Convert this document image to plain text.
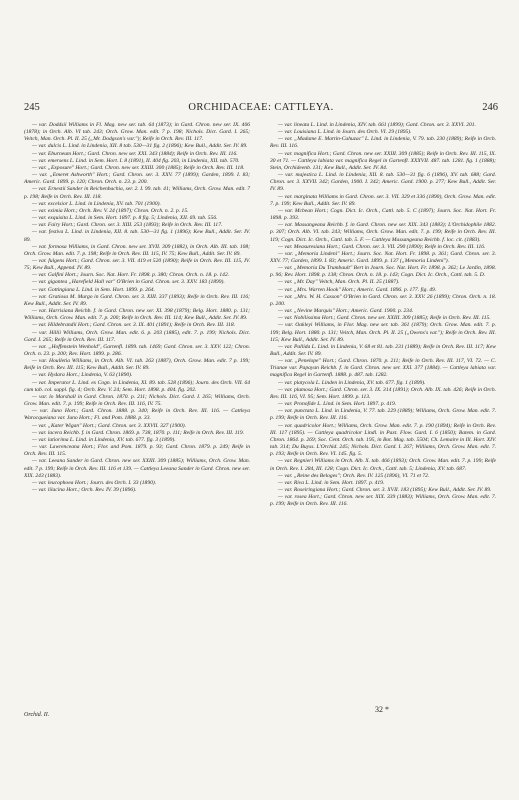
245	ORCHIDACEAE: CATTLEYA.	246

— var. Doddsii Williams in Fl. Mag. new ser. tab. 64 (1873); in Gard. Chron. new ser. IX. 406 (1878); in Orch. Alb. VI tab. 243; Orch. Grow. Man. edit. 7 p. 198; Nichols. Dict. Gard. I. 265; Veitch, Man. Orch. Pl. II. 25 („Mr. Dodgson's var."); Reife in Orch. Rev. III. 117.

— var. dulcis L. Lind. in Lindenia, XII. 8 tab. 530—31 fig. 2 (1896); Kew Bull., Addit. Ser. IV. 89.

— var. Eburneum Hort.; Gard. Chron. new ser. XXI. 343 (1884); Reife in Orch. Rev. III. 116.

— var. emersens L. Lind. in Sem. Hort. I. 8 (1891), II. 404 fig. 203, in Lindenia, XII. tab. 570.

— var. „Exposure" Hort.; Gard. Chron. new ser. XXIII. 300 (1885); Reife in Orch. Rev. III. 118.

— var. „Emeret Ashworth" Hort.; Gard. Chron. ser. 3. XXV. 77 (1899); Garden, 1899. I. 83; Americ. Gard. 1899. p. 120; Chron. Orch. n. 23. p. 200.

— var. Ernestii Sander in Reichenbachia, ser. 2. I. 99. tab. 41; Williams, Orch. Grow. Man. edit. 7 p. 198; Reife in Orch. Rev. III. 118.

— var. excelsior L. Lind. in Lindenia, XV. tab. 701 (1900).

— var. eximia Hort.; Orch. Rev. V. 24 (1897); Chron. Orch. n. 2. p. 15.

— var. exquisita L. Lind. in Sem. Hort. 1897. p. 8 fig. 5; Lindenia, XII. 69. tab. 556.

— var. Fairy Hort.; Gard. Chron. ser. 3. XIII. 253 (1893); Reife in Orch. Rev. III. 117.

— var. festiva L. Lind. in Lindenia, XII. 8. tab. 530—31 fig. 1 (1896); Kew Bull., Addit. Ser. IV. 89.

— var. formosa Williams, in Gard. Chron. new ser. XVII. 309 (1882), in Orch. Alb. III. tab. 108; Orch. Grow. Man. edit. 7. p. 198; Reife in Orch. Rev. III. 115, IV. 75; Kew Bull., Addit. Ser. IV. 89.

— var. fulgens Hort.; Gard. Chron. ser. 3. VII. 419 et 520 (1890); Reife in Orch. Rev. III. 115, IV. 75; Kew Bull., Append. IV. 89.

— var. Galfini Hort.; Journ. Soc. Nat. Hort. Fr. 1898. p. 380; Chron. Orch. n. 18. p. 142.

— var. gigantea „Harefield Hall var" O'Brien in Gard. Chron. ser. 3. XXV. 183 (1899).

— var. Gottingiana L. Lind. in Sem. Hort. 1899. p. 264.

— var. Gratiosa M. Murgo in Gard. Chron. ser. 3. XIII. 337 (1893); Reife in Orch. Rev. III. 116; Kew Bull., Addit. Ser. IV. 89.

— var. Harrisiana Reichb. f. in Gard. Chron. new ser. XI. 398 (1879); Belg. Hort. 1880. p. 131; Williams, Orch. Grow. Man. edit. 7. p. 200; Reife in Orch. Rev. III. 114; Kew Bull., Addit. Ser. IV. 89.

— var. Hildebrandii Hort.; Gard. Chron. ser. 3. IX. 401 (1891); Reife in Orch. Rev. III. 118.

— var. Hillii Williams, Orch. Grow. Man. edit. 6. p. 203 (1885), edit. 7. p. 199; Nichols. Dict. Gard. I. 265; Reife in Orch. Rev. III. 117.

— var. „Hoffenstein Wenhold", Gartenfl. 1899. tab. 1469; Gard. Chron. ser. 3. XXV. 122; Chron. Orch. n. 23. p. 200; Rev. Hort. 1899. p. 286.

— var. Houlletia Williams, in Orch. Alb. VI. tab. 263 (1887), Orch. Grow. Man. edit. 7 p. 199; Reife in Orch. Rev. III. 115; Kew Bull., Addit. Ser. IV. 89.

— var. Hydara Hort.; Lindenia, V. 63 (1890).

— var. Imperator L. Lind. ex Cogn. in Lindenia, XI. 89. tab. 528 (1896); Journ. des Orch. VII. 64 cum tab. col. suppl. fig. 4; Orch. Rev. V. 24; Sem. Hort. 1898. p. 404. fig. 202.

— var. lo Marshall in Gard. Chron. 1870. p. 211; Nichols. Dict. Gard. I. 265; Williams, Orch. Grow. Man. edit. 7. p. 199; Reife in Orch. Rev. III. 116, IV. 75.

— var. Juno Hort.; Gard. Chron. 1888. p. 340; Reife in Orch. Rev. III. 116. — Cattleya Warocqueiana var. Juno Hort.; Fl. and Pom. 1888. p. 33.

— var. „Kater Wigan" Hort.; Gard. Chron. ser. 3. XXVII. 327 (1900).

— var. lacera Reichb. f. in Gard. Chron. 1869. p. 738, 1870. p. 111; Reife in Orch. Rev. III. 119.

— var. latiorima L. Lind. in Lindenia, XV. tab. 677. fig. 3 (1899).

— var. Lawrenceana Hort.; Flor. and Pom. 1879. p. 93; Gard. Chron. 1879. p. 249; Reife in Orch. Rev. III. 115.

— var. Leeana Sander in Gard. Chron. new ser. XXIII. 309 (1885); Williams, Orch. Grow. Man. edit. 7 p. 199; Reife in Orch. Rev. III. 116 et 139. — Cattleya Leeana Sander in Gard. Chron. new ser. XIX. 243 (1883).

— var. leucophoea Hort.; Journ. des Orch. I. 33 (1890).

— var. lilacina Hort.; Orch. Rev. IV. 39 (1896).

— var. lineata L. Lind. in Lindenia, XIV. tab. 661 (1899); Gard. Chron. ser. 3. XXVI. 201.

— var. Louisiana L. Lind. in Journ. des Orch. VI. 29 (1895).

— var. „Madame E. Martin-Cahuzac" L. Lind. in Lindenia, V. 79. tab. 230 (1889); Reife in Orch. Rev. III. 116.

— var. magnifica Hort.; Gard. Chron. new ser. XXIII. 309 (1885); Reife in Orch. Rev. III. 115, IX. 30 et 71. — Cattleya labiata var. magnifica Regel in Gartenfl. XXXVII. 487. tab. 1281. fig. 1 (1888); Stein, Orchideenb. 131; Kew Bull., Addit. Ser. IV. 84.

— var. majestica L. Lind. in Lindenia, XII. 8. tab. 530—31 fig. 6 (1896), XV. tab. 688; Gard. Chron. ser. 3. XXVII. 342; Garden, 1900. I. 342; Americ. Gard. 1900. p. 277; Kew Bull., Addit. Ser. IV. 89.

— var. marginata Williams in Gard. Chron. ser. 3. VII. 329 et 336 (1890), Orch. Grow. Man. edit. 7. p. 199; Kew Bull., Addit. Ser. IV. 89.

— var. Mcbean Hort.; Cogn. Dict. Ic. Orch., Cattl. tab. 5. C (1897); Journ. Soc. Nat. Hort. Fr. 1898. p. 393.

— var. Massangeana Reichb. f. in Gard. Chron. new ser. XIX. 343 (1883); L'Orchidophile 1882. p. 307; Orch. Alb. VI. tab. 243; Williams, Orch. Grow. Man. edit. 7. p. 199; Reife in Orch. Rev. III. 119; Cogn. Dict. Ic. Orch., Cattl. tab. 5. F. — Cattleya Massangeana Reichb. f. loc. cit. (1883).

— var. Measuresiana Hort.; Gard. Chron. ser. 3. VII. 290 (1890); Reife in Orch. Rev. III. 116.

— var. „Memoria Lindeni" Hort.; Journ. Soc. Nat. Hort. Fr. 1898. p. 361; Gard. Chron. ser. 3. XXV. 77; Garden, 1899. I. 83; Americ. Gard. 1899. p. 137 („Memoria Lindeni").

— var. „Memoria Du Trumbault" Bert in Journ. Soc. Nat. Hort. Fr. 1898. p. 362; Le Jardin, 1898. p. 96; Rev. Hort. 1898. p. 138; Chron. Orch. n. 18. p. 143; Cogn. Dict. Ic. Orch., Cattl. tab. 5. D.

— var. „Mr. Day" Veitch, Man. Orch. Pl. II. 25 (1887).

— var. „Mrs. Warren Hook" Hort.; Americ. Gard. 1896. p. 177. fig. 49.

— var. „Mrs. W. H. Casson" O'Brien in Gard. Chron. ser. 3. XXV. 26 (1899); Chron. Orch. n. 18. p. 200.

— var. „Nevine Marquis" Hort.; Americ. Gard. 1900. p. 234.

— var. Nobilissima Hort.; Gard. Chron. new ser. XXIII. 309 (1885); Reife in Orch. Rev. III. 115.

— var. Oakleyi Williams, in Flor. Mag. new ser. tab. 361 (1879); Orch. Grow. Man. edit. 7. p. 199; Belg. Hort. 1880. p. 131; Veitch, Man. Orch. Pl. II. 25 („Owens's var."); Reife in Orch. Rev. III. 115; Kew Bull., Addit. Ser. IV. 89.

— var. Pallida L. Lind. in Lindenia, V. 68 et 81. tab. 231 (1889); Reife in Orch. Rev. III. 117; Kew Bull., Addit. Ser. IV. 89.

— var. „Penelope" Hort.; Gard. Chron. 1870. p. 211; Reife in Orch. Rev. III. 117, VI. 72. — C. Trianae var. Papayan Reichb. f. in Gard. Chron. new ser. XXI. 377 (1884). — Cattleya labiata var. magnifica Regel in Gartenfl. 1888. p. 487. tab. 1282.

— var. platycola L. Linden in Lindenia, XV. tab. 677. fig. 1 (1899).

— var. plumosa Hort.; Gard. Chron. ser. 3. IX. 314 (1891); Orch. Alb. IX. tab. 426; Reife in Orch. Rev. III. 116, VI. 95; Sem. Hort. 1899. p. 113.

— var. Pronofide L. Lind. in Sem. Hort. 1897. p. 419.

— var. punctata L. Lind. in Lindenia, V. 77. tab. 229 (1889); Williams, Orch. Grow. Man. edit. 7. p. 199; Reife in Orch. Rev. III. 116.

— var. quadricolor Hort.; Williams, Orch. Grow. Man. edit. 7. p. 190 (1894); Reife in Orch. Rev. III. 117 (1895). — Cattleya quadricolor Lindl. in Paxt. Flow. Gard. I. 6 (1850); Batem. in Gard. Chron. 1864. p. 269; Soc. Cent. Orch. tab. 195, in Bot. Mag. tab. 5504; Ch. Lemaire in Ill. Hort. XIV. tab. 314; Du Buyss. L'Orchid. 245; Nichols. Dict. Gard. I. 267; Williams, Orch. Grow. Man. edit. 7. p. 193; Reife in Orch. Rev. VI. 145. fig. 5.

— var. Regnieri Williams in Orch. Alb. X. tab. 466 (1893); Orch. Grow. Man. edit. 7. p. 199; Reife in Orch. Rev. I. 284, III. 128; Cogn. Dict. Ic. Orch., Cattl. tab. 5; Lindenia, XV. tab. 687.

— var. „Reine des Beloges"; Orch. Rev. IV. 125 (1896), VI. 71 et 72.

— var. Riva L. Lind. in Sem. Hort. 1897. p. 419.

— var. Roseiringiana Hort.; Gard. Chron. ser. 3. XVII. 183 (1895); Kew Bull., Addit. Ser. IV. 89.

— var. rosea Hort.; Gard. Chron. new ser. XIX. 339 (1883); Williams, Orch. Grow. Man. edit. 7. p. 199; Reife in Orch. Rev. III. 116.

Orchid. II.
32 *
